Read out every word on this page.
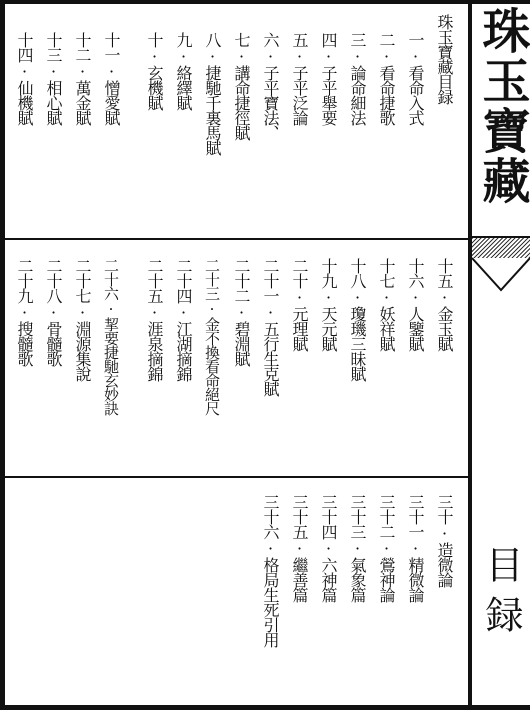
珠玉寶藏
目録
珠玉寶藏目録
一·看命入式
二·看命捷歌
三·論命細法
四·子平舉要
五·子平泛論
六·子平寶法、
七·講命捷徑賦
八·捷馳千裏馬賦
九·絡繹賦
十·玄機賦
十一·憎愛賦
十二·萬金賦
十三·相心賦
十四·仙機賦
十五·金玉賦
十六·人鑒賦
十七·妖祥賦
十八·瓊璣三昧賦
十九·天元賦
二十·元理賦
二十一·五行生克賦
二十二·碧淵賦
二十三·金不換看命絕尺
二十四·江湖摘錦
二十五·涯泉摘錦
二十六·挈要捷馳玄妙訣
二十七·淵源集說
二十八·骨髓歌
二十九·搜髓歌
三十·造微論
三十一·精微論
三十二·鶯神論
三十三·氣象篇
三十四·六神篇
三十五·繼善篇
三十六·格局生死引用
